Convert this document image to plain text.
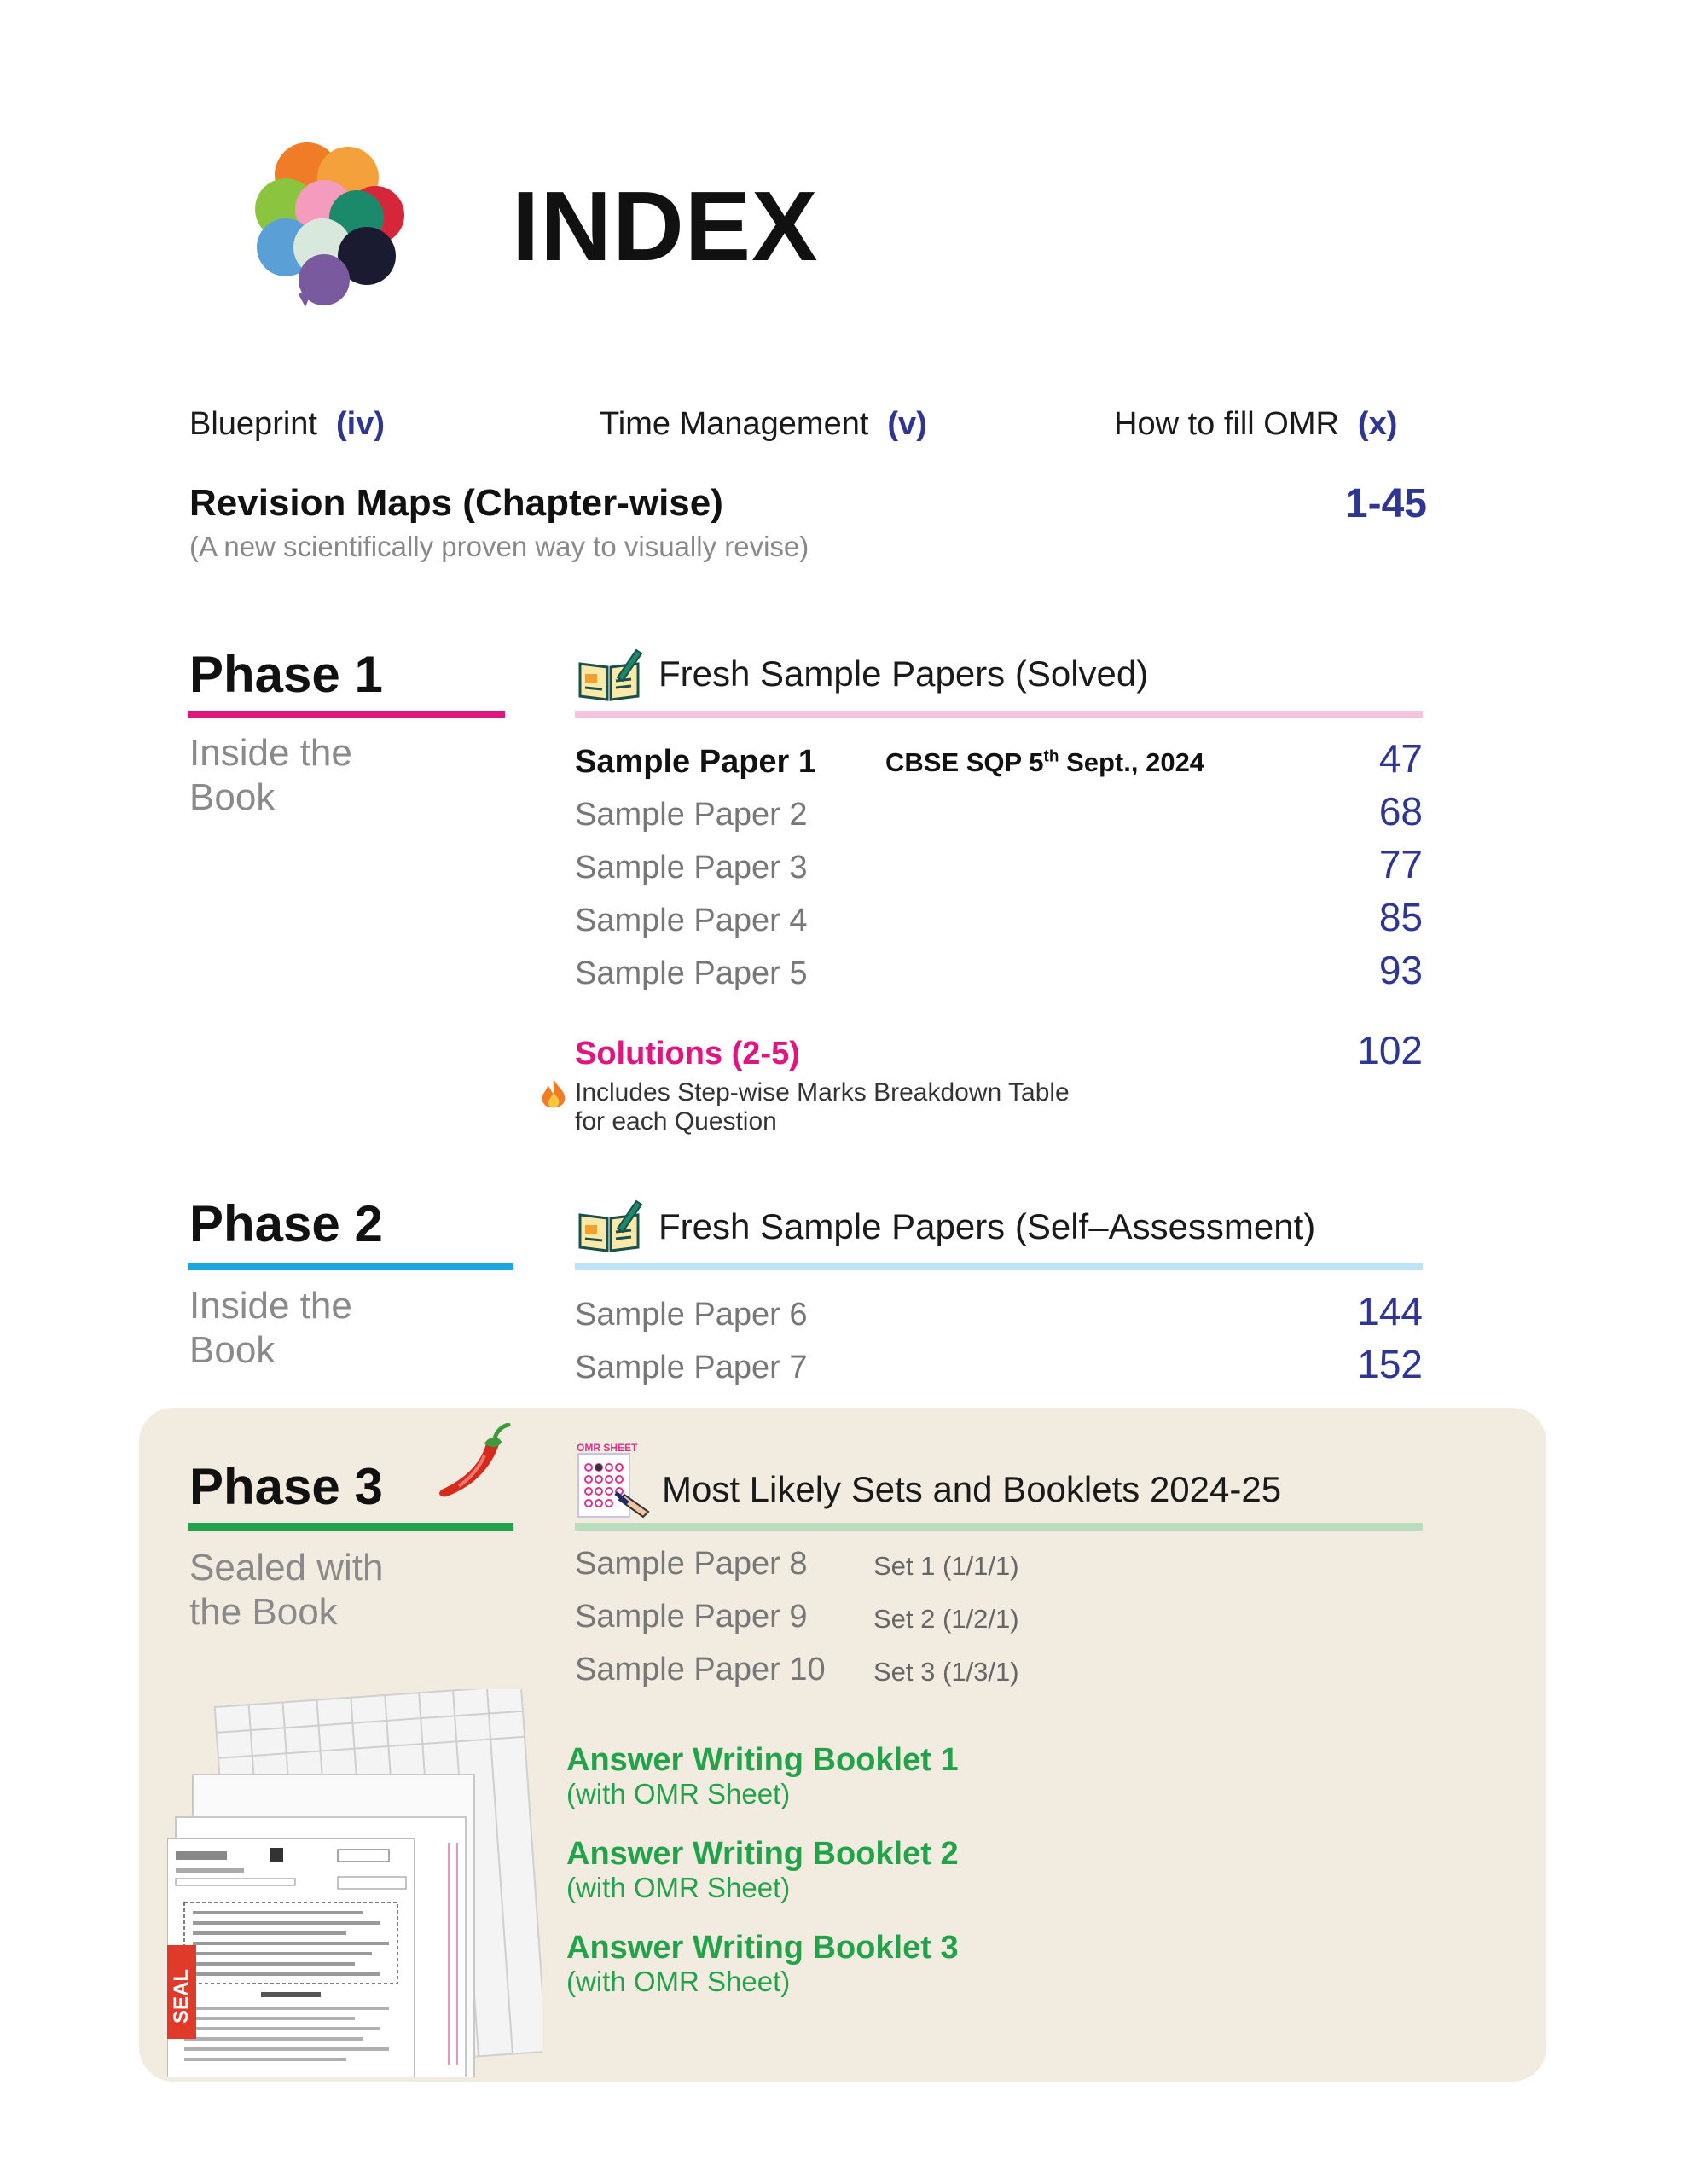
INDEX
Blueprint (iv)	Time Management (v)	How to fill OMR (x)
Revision Maps (Chapter-wise)
(A new scientifically proven way to visually revise)
1-45
Phase 1
Inside the
Book
Fresh Sample Papers (Solved)
Sample Paper 1	CBSE SQP 5th Sept., 2024	47
Sample Paper 2	68
Sample Paper 3	77
Sample Paper 4	85
Sample Paper 5	93
Solutions (2-5)	102
Includes Step-wise Marks Breakdown Table
for each Question
Phase 2
Inside the
Book
Fresh Sample Papers (Self–Assessment)
Sample Paper 6	144
Sample Paper 7	152
Phase 3
Sealed with
the Book
OMR SHEET
Most Likely Sets and Booklets 2024-25
Sample Paper 8	Set 1 (1/1/1)
Sample Paper 9	Set 2 (1/2/1)
Sample Paper 10 Set 3 (1/3/1)
Answer Writing Booklet 1
(with OMR Sheet)
Answer Writing Booklet 2
(with OMR Sheet)
Answer Writing Booklet 3
(with OMR Sheet)
SEAL
